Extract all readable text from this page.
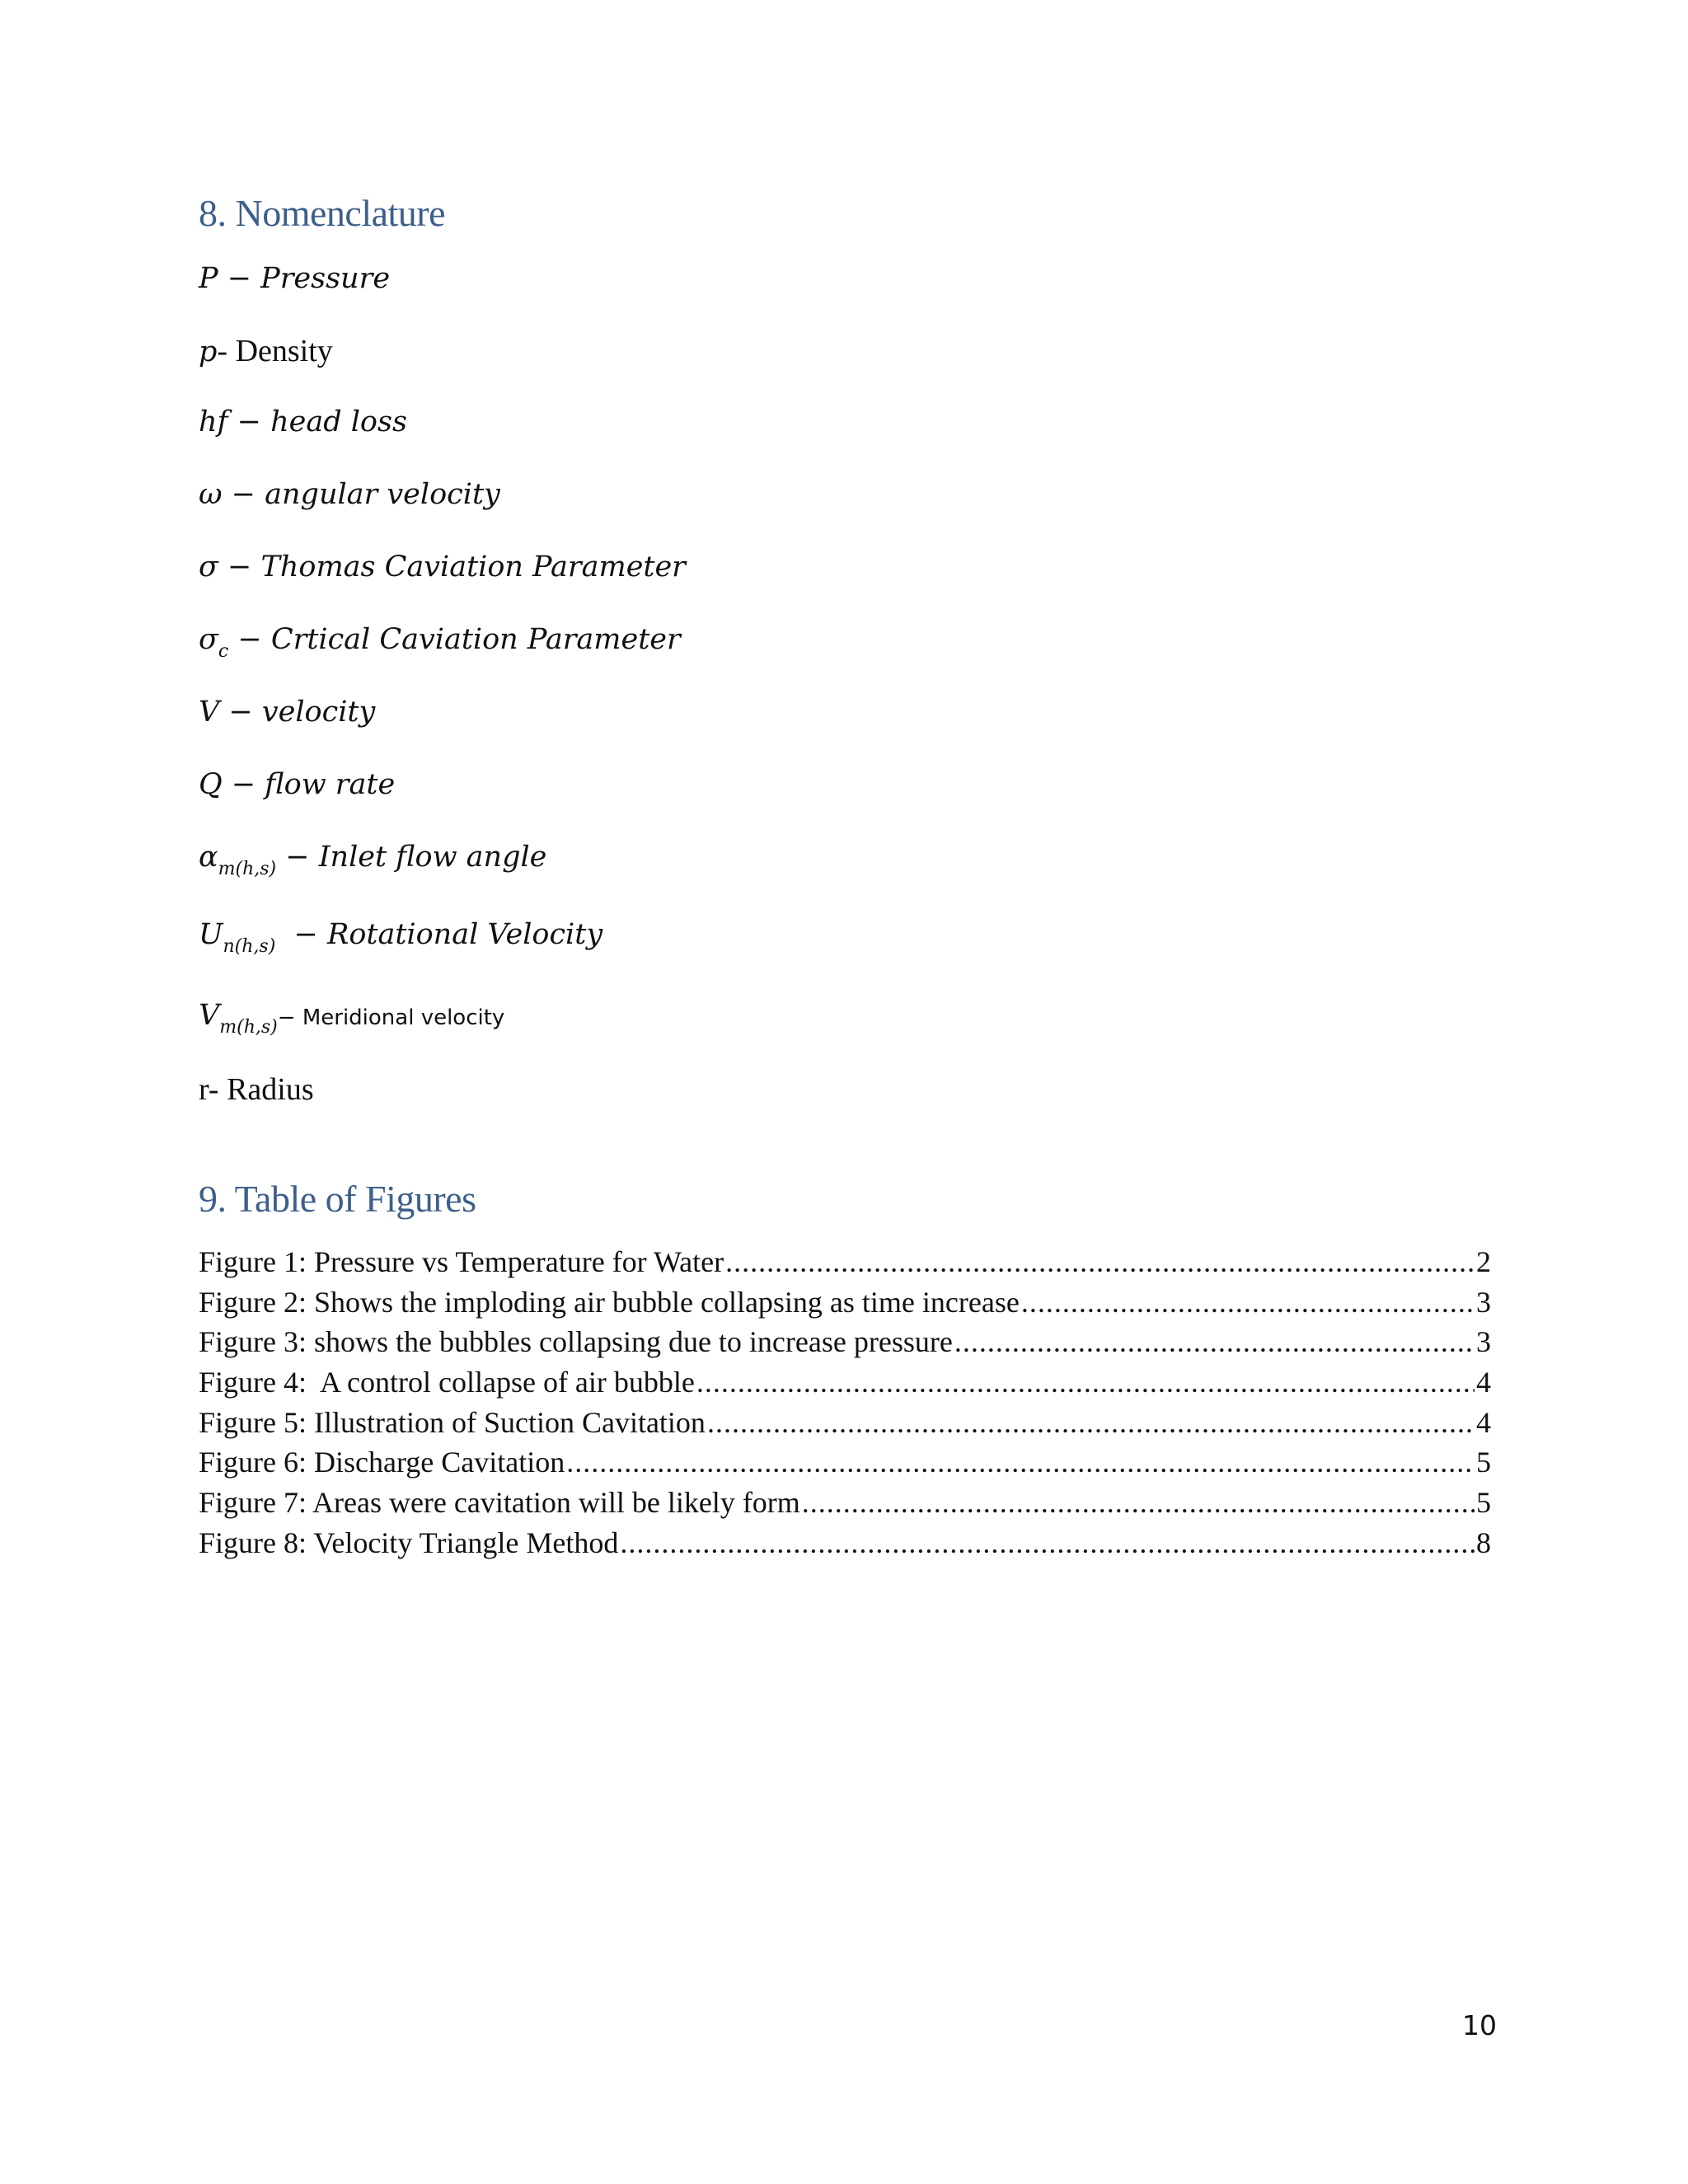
8. Nomenclature
P − Pressure
p- Density
hf − head loss
ω − angular velocity
σ − Thomas Caviation Parameter
$\sigma_c$ − Crtical Caviation Parameter
V − velocity
Q − flow rate
$\alpha_{m(h,s)}$ − Inlet flow angle
$U_{n(h,s)}$  − Rotational Velocity
$V_{m(h,s)}-$ Meridional velocity
r- Radius
9. Table of Figures
Figure 1: Pressure vs Temperature for Water .....	2
Figure 2: Shows the imploding air bubble collapsing as time increase .....	3
Figure 3: shows the bubbles collapsing due to increase pressure .....	3
Figure 4:  A control collapse of air bubble .....	4
Figure 5: Illustration of Suction Cavitation .....	4
Figure 6: Discharge Cavitation .....	5
Figure 7: Areas were cavitation will be likely form .....	5
Figure 8: Velocity Triangle Method .....	8
10
